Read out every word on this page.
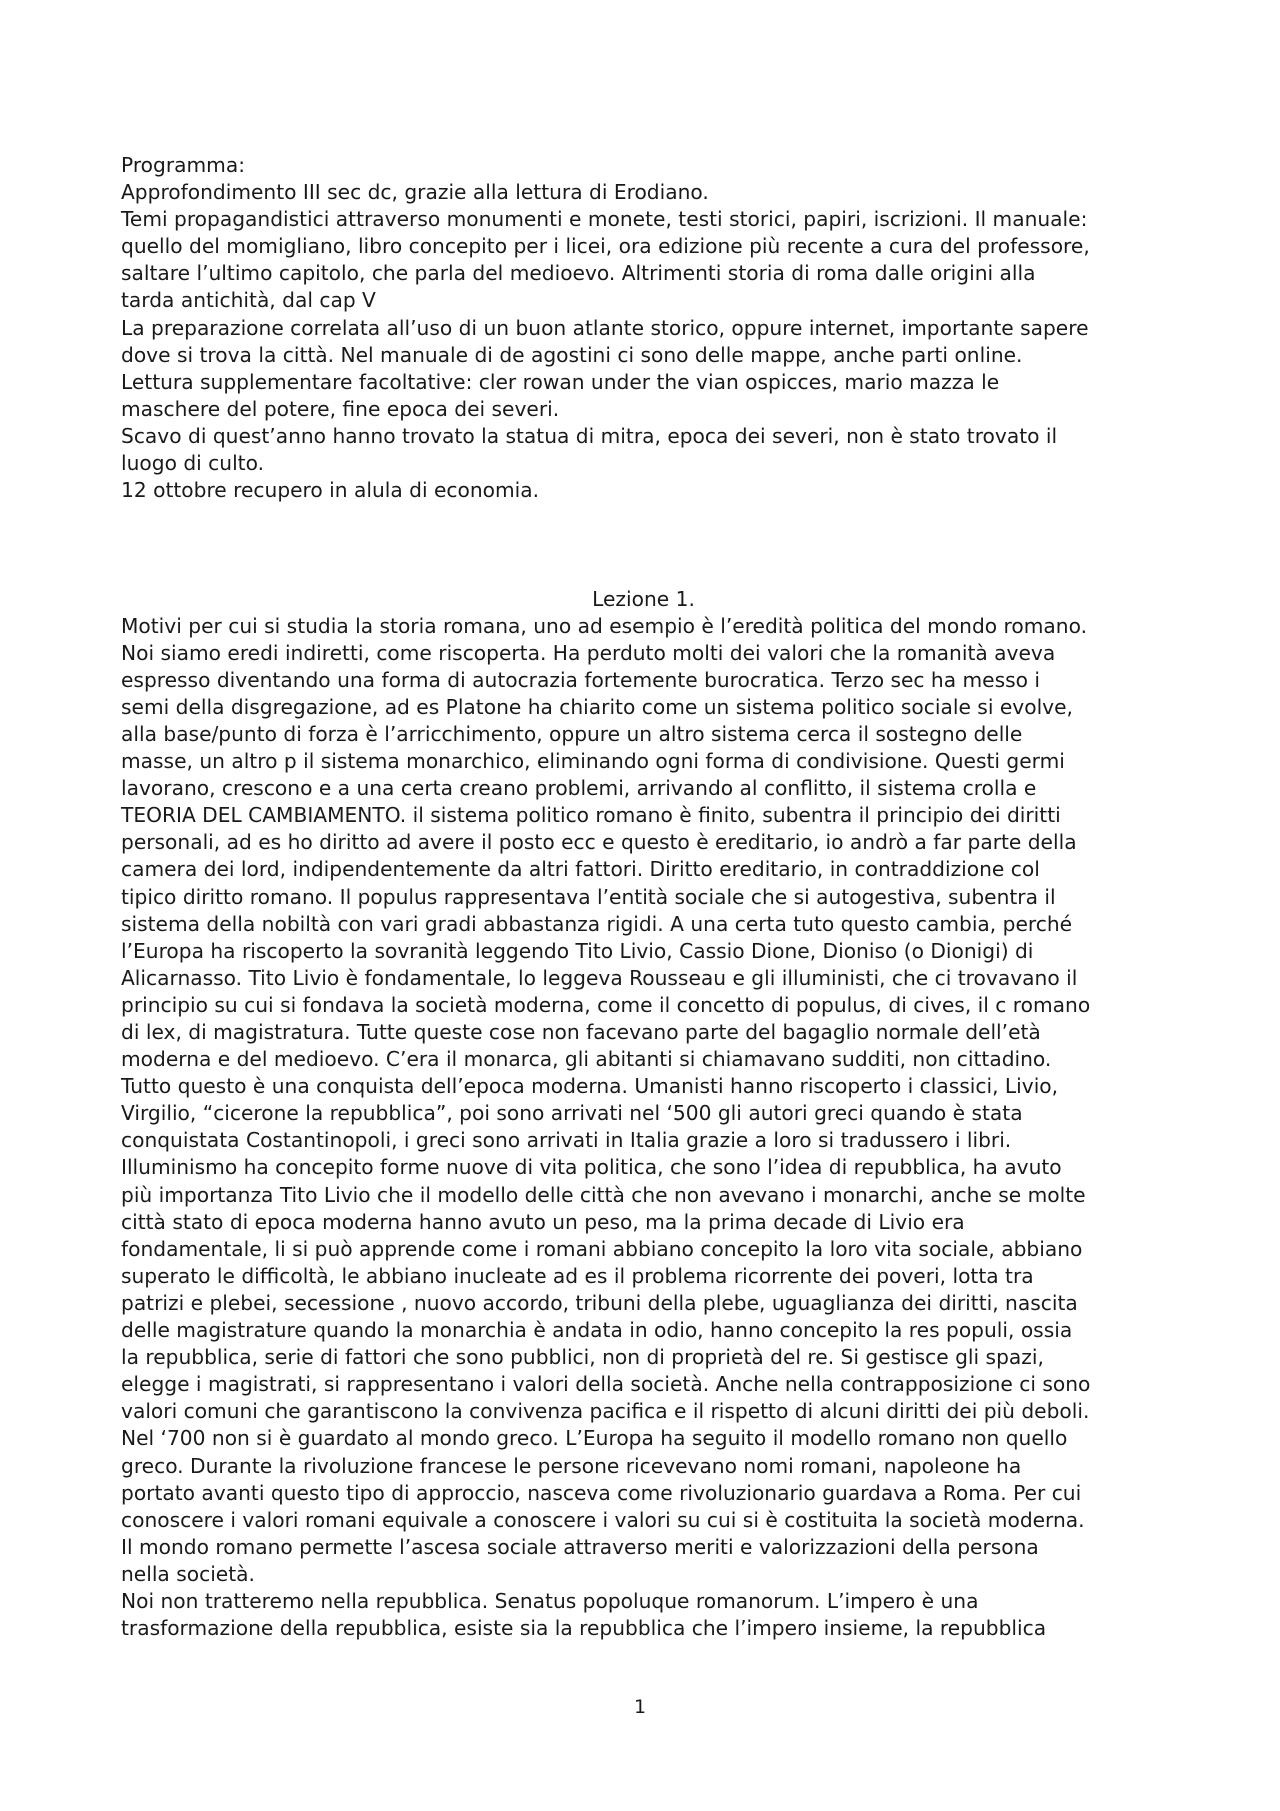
Programma:
Approfondimento III sec dc, grazie alla lettura di Erodiano.
Temi propagandistici attraverso monumenti e monete, testi storici, papiri, iscrizioni. Il manuale:
quello del momigliano, libro concepito per i licei, ora edizione più recente a cura del professore,
saltare l’ultimo capitolo, che parla del medioevo. Altrimenti storia di roma dalle origini alla
tarda antichità, dal cap V
La preparazione correlata all’uso di un buon atlante storico, oppure internet, importante sapere
dove si trova la città. Nel manuale di de agostini ci sono delle mappe, anche parti online.
Lettura supplementare facoltative: cler rowan under the vian ospicces, mario mazza le
maschere del potere, fine epoca dei severi.
Scavo di quest’anno hanno trovato la statua di mitra, epoca dei severi, non è stato trovato il
luogo di culto.
12 ottobre recupero in alula di economia.
Lezione 1.
Motivi per cui si studia la storia romana, uno ad esempio è l’eredità politica del mondo romano.
Noi siamo eredi indiretti, come riscoperta. Ha perduto molti dei valori che la romanità aveva
espresso diventando una forma di autocrazia fortemente burocratica. Terzo sec ha messo i
semi della disgregazione, ad es Platone ha chiarito come un sistema politico sociale si evolve,
alla base/punto di forza è l’arricchimento, oppure un altro sistema cerca il sostegno delle
masse, un altro p il sistema monarchico, eliminando ogni forma di condivisione. Questi germi
lavorano, crescono e a una certa creano problemi, arrivando al conflitto, il sistema crolla e
TEORIA DEL CAMBIAMENTO. il sistema politico romano è finito, subentra il principio dei diritti
personali, ad es ho diritto ad avere il posto ecc e questo è ereditario, io andrò a far parte della
camera dei lord, indipendentemente da altri fattori. Diritto ereditario, in contraddizione col
tipico diritto romano. Il populus rappresentava l’entità sociale che si autogestiva, subentra il
sistema della nobiltà con vari gradi abbastanza rigidi. A una certa tuto questo cambia, perché
l’Europa ha riscoperto la sovranità leggendo Tito Livio, Cassio Dione, Dioniso (o Dionigi) di
Alicarnasso. Tito Livio è fondamentale, lo leggeva Rousseau e gli illuministi, che ci trovavano il
principio su cui si fondava la società moderna, come il concetto di populus, di cives, il c romano
di lex, di magistratura. Tutte queste cose non facevano parte del bagaglio normale dell’età
moderna e del medioevo. C’era il monarca, gli abitanti si chiamavano sudditi, non cittadino.
Tutto questo è una conquista dell’epoca moderna. Umanisti hanno riscoperto i classici, Livio,
Virgilio, “cicerone la repubblica”, poi sono arrivati nel ‘500 gli autori greci quando è stata
conquistata Costantinopoli, i greci sono arrivati in Italia grazie a loro si tradussero i libri.
Illuminismo ha concepito forme nuove di vita politica, che sono l’idea di repubblica, ha avuto
più importanza Tito Livio che il modello delle città che non avevano i monarchi, anche se molte
città stato di epoca moderna hanno avuto un peso, ma la prima decade di Livio era
fondamentale, li si può apprende come i romani abbiano concepito la loro vita sociale, abbiano
superato le difficoltà, le abbiano inucleate ad es il problema ricorrente dei poveri, lotta tra
patrizi e plebei, secessione , nuovo accordo, tribuni della plebe, uguaglianza dei diritti, nascita
delle magistrature quando la monarchia è andata in odio, hanno concepito la res populi, ossia
la repubblica, serie di fattori che sono pubblici, non di proprietà del re. Si gestisce gli spazi,
elegge i magistrati, si rappresentano i valori della società. Anche nella contrapposizione ci sono
valori comuni che garantiscono la convivenza pacifica e il rispetto di alcuni diritti dei più deboli.
Nel ‘700 non si è guardato al mondo greco. L’Europa ha seguito il modello romano non quello
greco. Durante la rivoluzione francese le persone ricevevano nomi romani, napoleone ha
portato avanti questo tipo di approccio, nasceva come rivoluzionario guardava a Roma. Per cui
conoscere i valori romani equivale a conoscere i valori su cui si è costituita la società moderna.
Il mondo romano permette l’ascesa sociale attraverso meriti e valorizzazioni della persona
nella società.
Noi non tratteremo nella repubblica. Senatus popoluque romanorum. L’impero è una
trasformazione della repubblica, esiste sia la repubblica che l’impero insieme, la repubblica
1
